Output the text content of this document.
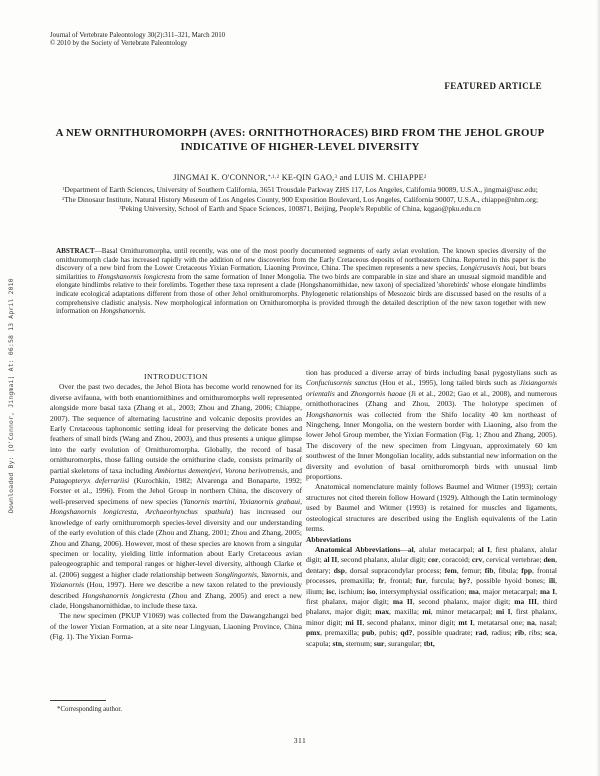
Downloaded By: [O'Connor, Jingmai] At: 06:58 13 April 2010
Journal of Vertebrate Paleontology 30(2):311–321, March 2010
© 2010 by the Society of Vertebrate Paleontology
FEATURED ARTICLE
A NEW ORNITHUROMORPH (AVES: ORNITHOTHORACES) BIRD FROM THE JEHOL GROUP
INDICATIVE OF HIGHER-LEVEL DIVERSITY
JINGMAI K. O'CONNOR,$^{*,1,2}$ KE-QIN GAO,$^3$ and LUIS M. CHIAPPE$^2$
$^1$Department of Earth Sciences, University of Southern California, 3651 Trousdale Parkway ZHS 117, Los Angeles, California 90089, U.S.A., jingmai@usc.edu;
$^2$The Dinosaur Institute, Natural History Museum of Los Angeles County, 900 Exposition Boulevard, Los Angeles, California 90007, U.S.A., chiappe@nhm.org;
$^3$Peking University, School of Earth and Space Sciences, 100871, Beijing, People's Republic of China, kqgao@pku.edu.cn
ABSTRACT—Basal Ornithuromorpha, until recently, was one of the most poorly documented segments of early avian evolution. The known species diversity of the ornithuromorph clade has increased rapidly with the addition of new discoveries from the Early Cretaceous deposits of northeastern China. Reported in this paper is the discovery of a new bird from the Lower Cretaceous Yixian Formation, Liaoning Province, China. The specimen represents a new species, Longicrusavis houi, but bears similarities to Hongshanornis longicresta from the same formation of Inner Mongolia. The two birds are comparable in size and share an unusual sigmoid mandible and elongate hindlimbs relative to their forelimbs. Together these taxa represent a clade (Hongshanornithidae, new taxon) of specialized 'shorebirds' whose elongate hindlimbs indicate ecological adaptations different from those of other Jehol ornithuromorphs. Phylogenetic relationships of Mesozoic birds are discussed based on the results of a comprehensive cladistic analysis. New morphological information on Ornithuromorpha is provided through the detailed description of the new taxon together with new information on Hongshanornis.

INTRODUCTION

Over the past two decades, the Jehol Biota has become world renowned for its diverse avifauna, with both enantiornithines and ornithuromorphs well represented alongside more basal taxa (Zhang et al., 2003; Zhou and Zhang, 2006; Chiappe, 2007). The sequence of alternating lacustrine and volcanic deposits provides an Early Cretaceous taphonomic setting ideal for preserving the delicate bones and feathers of small birds (Wang and Zhou, 2003), and thus presents a unique glimpse into the early evolution of Ornithuromorpha. Globally, the record of basal ornithuromorphs, those falling outside the ornithurine clade, consists primarily of partial skeletons of taxa including Ambiortus dementjevi, Vorona berivotrensis, and Patagopteryx deferrariisi (Kurochkin, 1982; Alvarenga and Bonaparte, 1992; Forster et al., 1996). From the Jehol Group in northern China, the discovery of well-preserved specimens of new species (Yanornis martini, Yixianornis grabaui, Hongshanornis longicresta, Archaeorhynchus spathula) has increased our knowledge of early ornithuromorph species-level diversity and our understanding of the early evolution of this clade (Zhou and Zhang, 2001; Zhou and Zhang, 2005; Zhou and Zhang, 2006). However, most of these species are known from a singular specimen or locality, yielding little information about Early Cretaceous avian paleogeographic and temporal ranges or higher-level diversity, although Clarke et al. (2006) suggest a higher clade relationship between Songlingornis, Yanornis, and Yixianornis (Hou, 1997). Here we describe a new taxon related to the previously described Hongshanornis longicresta (Zhou and Zhang, 2005) and erect a new clade, Hongshanornithidae, to include these taxa.

The new specimen (PKUP V1069) was collected from the Dawangzhangzi bed of the lower Yixian Formation, at a site near Lingyuan, Liaoning Province, China (Fig. 1). The Yixian Forma-

tion has produced a diverse array of birds including basal pygostylians such as Confuciusornis sanctus (Hou et al., 1995), long tailed birds such as Jixiangornis orientalis and Zhongornis haoae (Ji et al., 2002; Gao et al., 2008), and numerous ornithothoracines (Zhang and Zhou, 2003). The holotype specimen of Hongshanornis was collected from the Shifo locality 40 km northeast of Ningcheng, Inner Mongolia, on the western border with Liaoning, also from the lower Jehol Group member, the Yixian Formation (Fig. 1; Zhou and Zhang, 2005). The discovery of the new specimen from Lingyuan, approximately 60 km southwest of the Inner Mongolian locality, adds substantial new information on the diversity and evolution of basal ornithuromorph birds with unusual limb proportions.

Anatomical nomenclature mainly follows Baumel and Witmer (1993); certain structures not cited therein follow Howard (1929). Although the Latin terminology used by Baumel and Witmer (1993) is retained for muscles and ligaments, osteological structures are described using the English equivalents of the Latin terms.

Abbreviations

Anatomical Abbreviations—al, alular metacarpal; al I, first phalanx, alular digit; al II, second phalanx, alular digit; cor, coracoid; crv, cervical vertebrae; den, dentary; dsp, dorsal supracondylar process; fem, femur; fib, fibula; fpp, frontal processes, premaxilla; fr, frontal; fur, furcula; hy?, possible hyoid bones; ili, ilium; isc, ischium; iso, intersymphysial ossification; ma, major metacarpal; ma I, first phalanx, major digit; ma II, second phalanx, major digit; ma III, third phalanx, major digit; max, maxilla; mi, minor metacarpal; mi I, first phalanx, minor digit; mi II, second phalanx, minor digit; mt I, metatarsal one; na, nasal; pmx, premaxilla; pub, pubis; qd?, possible quadrate; rad, radius; rib, ribs; sca, scapula; stn, sternum; sur, surangular; tbt,

*Corresponding author.
311
